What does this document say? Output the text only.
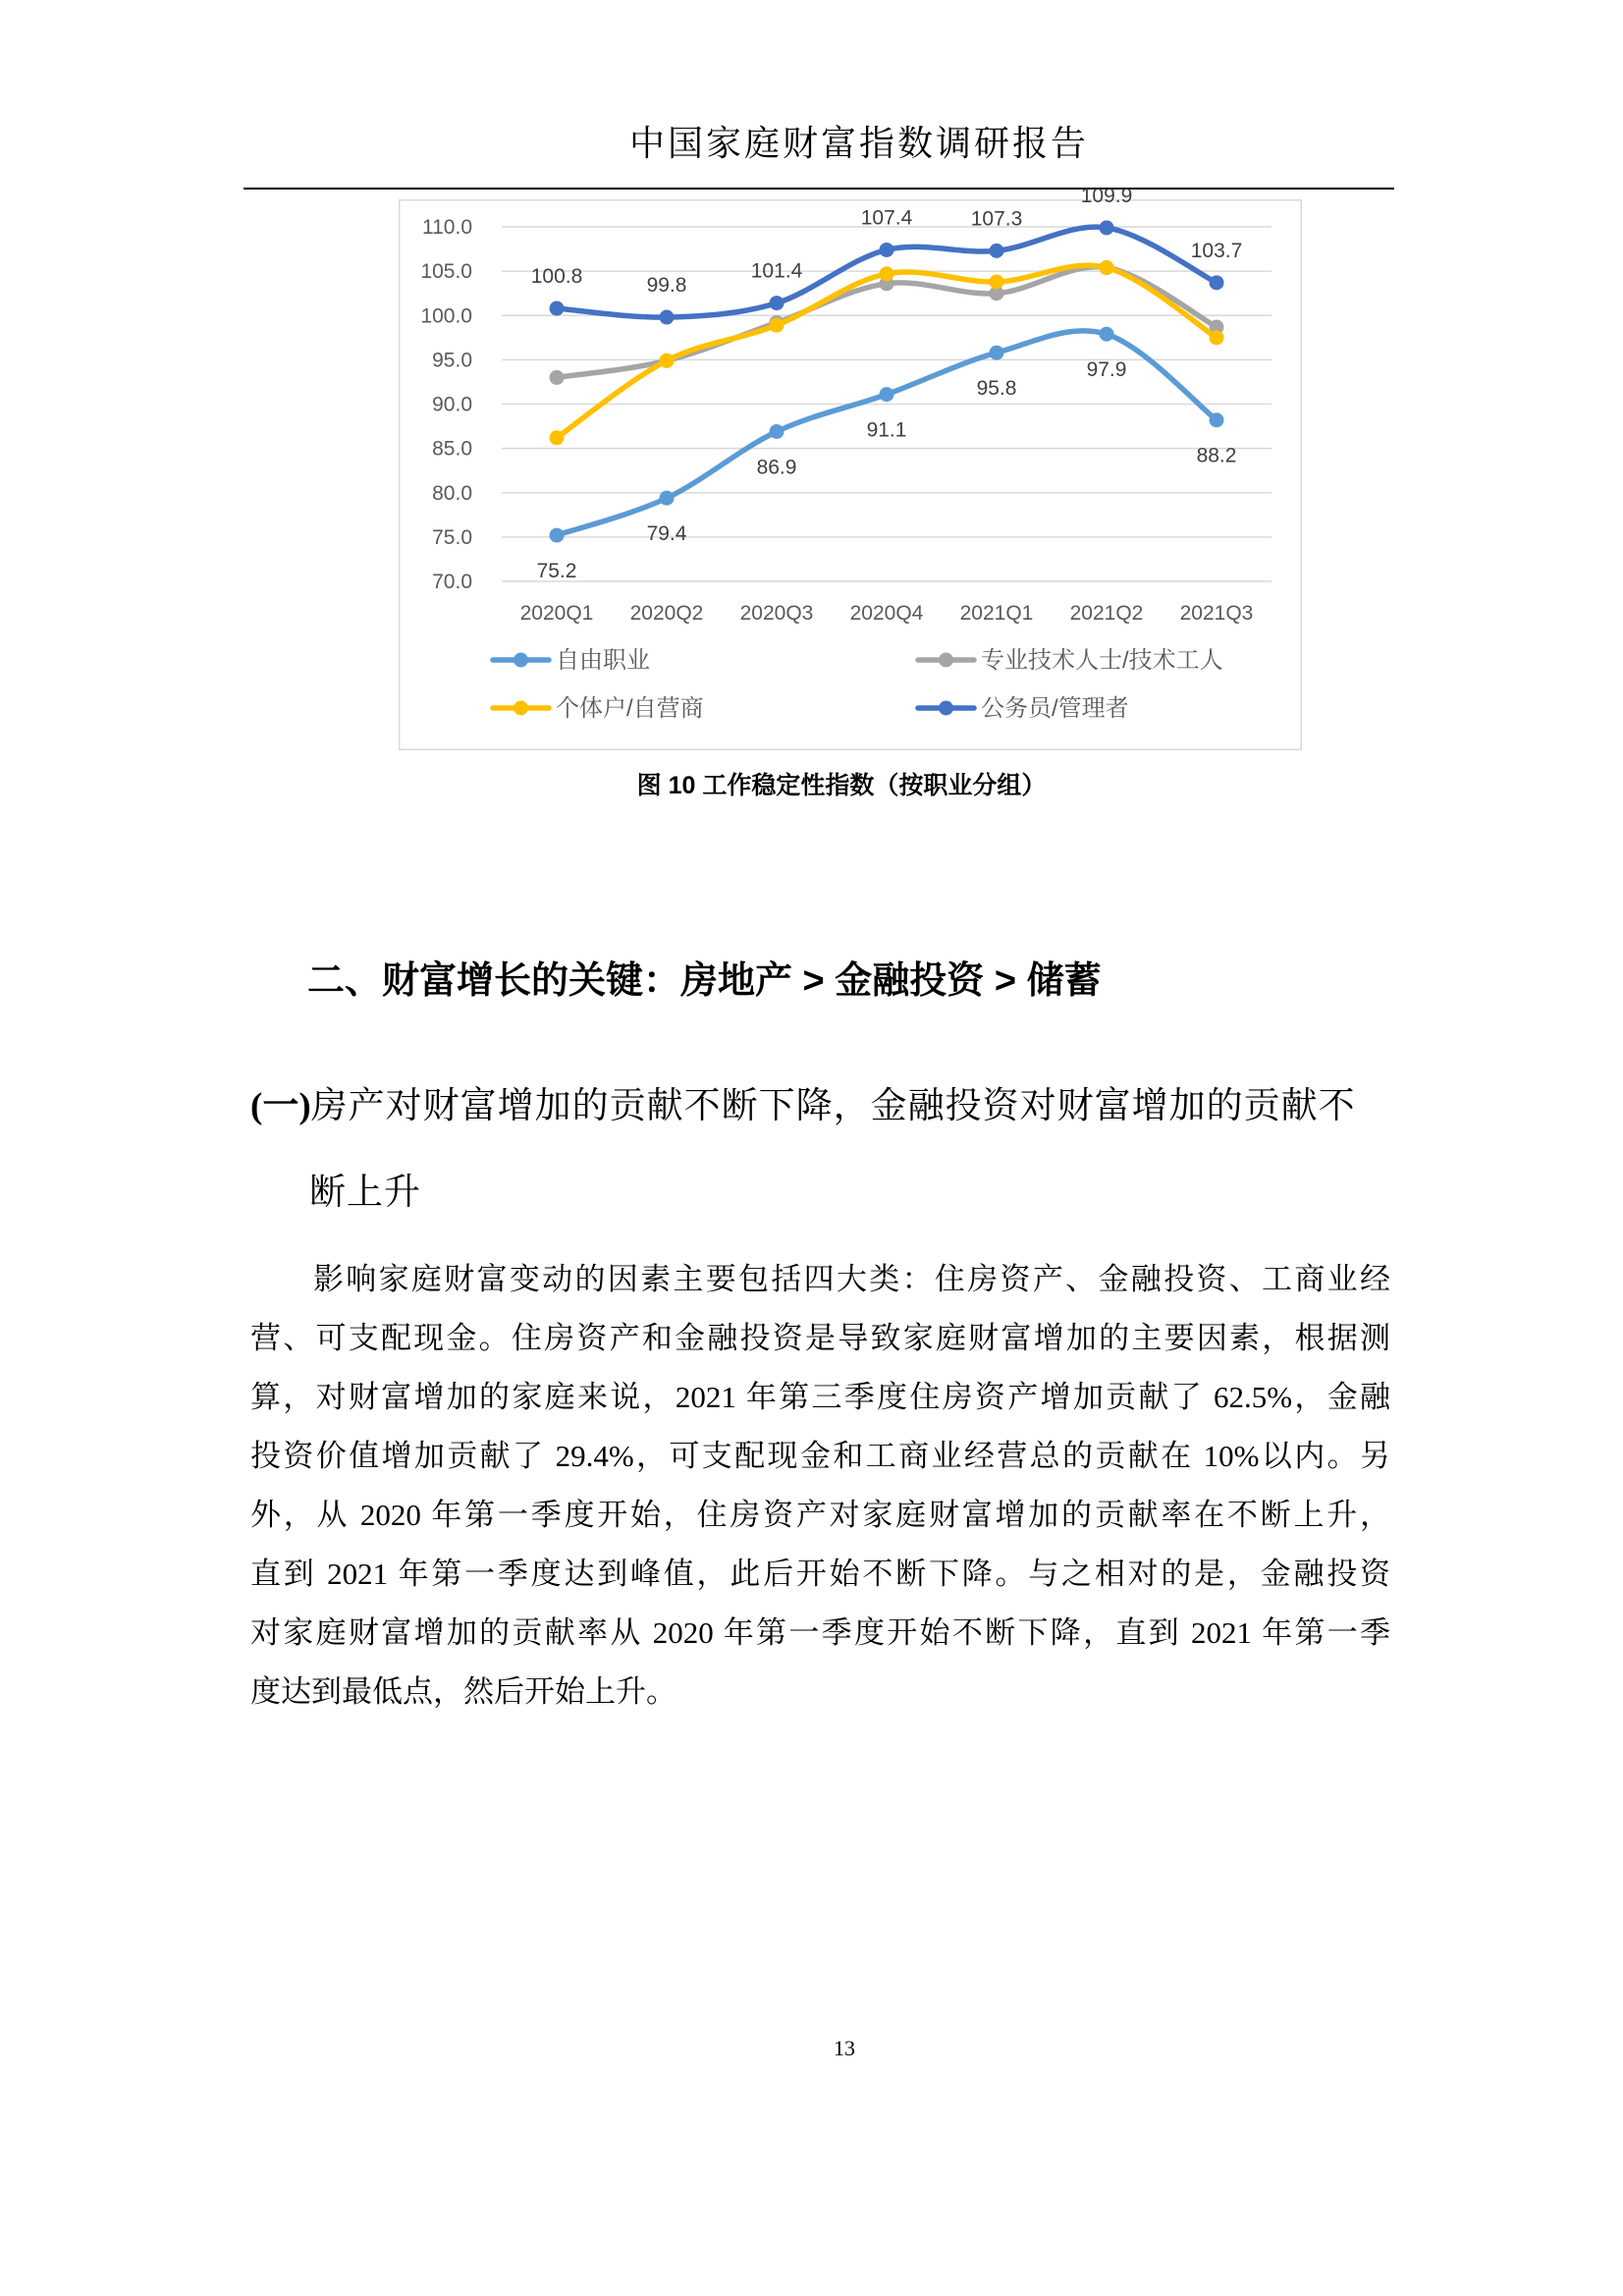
中国家庭财富指数调研报告
110.0
105.0
100.0
95.0
90.0
85.0
80.0
75.0
70.0
2020Q1 2020Q2 2020Q3 2020Q4 2021Q1 2021Q2 2021Q3
75.2
79.4
86.9
91.1
95.8
97.9
88.2
100.8	99.8
101.4
107.4	107.3
109.9
103.7
自由职业	专业技术人士/技术工人
个体户/自营商	公务员/管理者
图 10 工作稳定性指数（按职业分组）
二、财富增长的关键：房地产 > 金融投资 > 储蓄
(一)房产对财富增加的贡献不断下降，金融投资对财富增加的贡献不
断上升
影响家庭财富变动的因素主要包括四大类：住房资产、金融投资、工商业经
营、可支配现金。住房资产和金融投资是导致家庭财富增加的主要因素，根据测
算，对财富增加的家庭来说，2021 年第三季度住房资产增加贡献了 62.5%，金融
投资价值增加贡献了 29.4%，可支配现金和工商业经营总的贡献在 10%以内。另
外，从 2020 年第一季度开始，住房资产对家庭财富增加的贡献率在不断上升，
直到 2021 年第一季度达到峰值，此后开始不断下降。与之相对的是，金融投资
对家庭财富增加的贡献率从 2020 年第一季度开始不断下降，直到 2021 年第一季
度达到最低点，然后开始上升。
13
